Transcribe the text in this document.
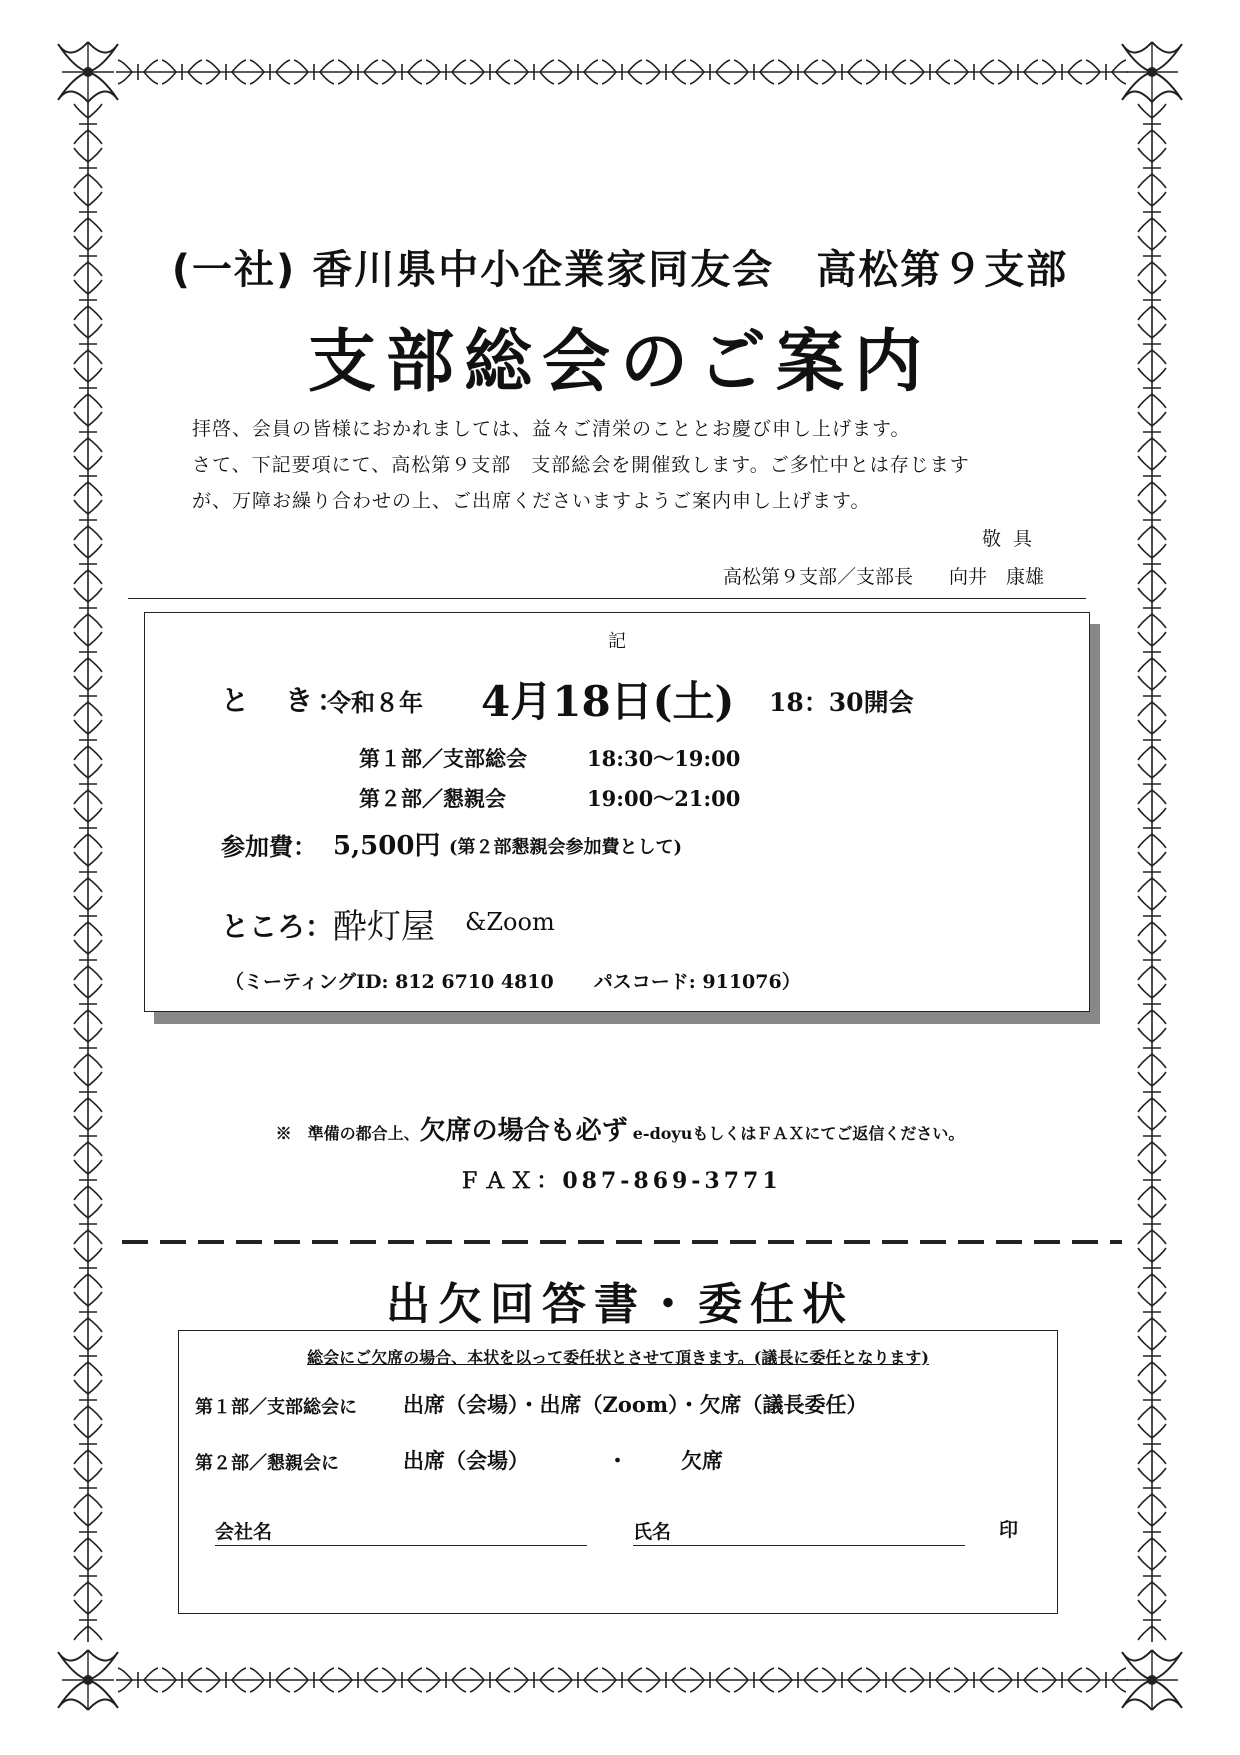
(一社) 香川県中小企業家同友会　高松第９支部
支部総会のご案内
拝啓、会員の皆様におかれましては、益々ご清栄のこととお慶び申し上げます。
さて、下記要項にて、高松第９支部　支部総会を開催致します。ご多忙中とは存じます
が、万障お繰り合わせの上、ご出席くださいますようご案内申し上げます。
敬具
高松第９支部／支部長 向井　康雄
記
と　き：
令和８年 4月18日(土) 18：30開会
第１部／支部総会	18:30～19:00
第２部／懇親会	19:00～21:00
参加費： 5,500円 (第２部懇親会参加費として)
ところ： 酔灯屋 &Zoom
（ミーティングID: 812 6710 4810 パスコード: 911076）
※　準備の都合上、欠席の場合も必ず e-doyuもしくはＦＡＸにてご返信ください。
ＦＡＸ：087-869-3771
出欠回答書・委任状
総会にご欠席の場合、本状を以って委任状とさせて頂きます。(議長に委任となります)
第１部／支部総会に 出席（会場）・出席（Zoom）・欠席（議長委任）
第２部／懇親会に	出席（会場）	・	欠席
会社名	氏名	印
